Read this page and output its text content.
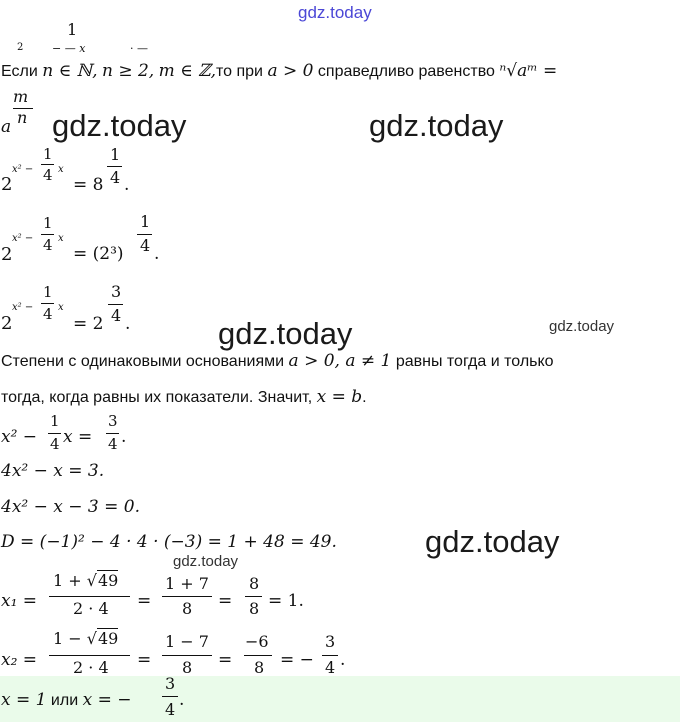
gdz.today
gdz.today	gdz.today
gdz.today	gdz.today
gdz.today
gdz.today
2
1
− — x	· —
Если n ∈ ℕ, n ≥ 2, m ∈ ℤ,то при a > 0 справедливо равенство ⁿ√aᵐ =
m
n
a
2
x² −
1
4 x
= 8
1
4 .
2
x² −
1
4 x
= (2³)
1
4 .
2
x² −
1
4 x
= 2
3
4 .
Степени с одинаковыми основаниями a > 0, a ≠ 1 равны тогда и только
тогда, когда равны их показатели. Значит, x = b.
x² −
1
4 x =
3
4 .
4x² − x = 3.
4x² − x − 3 = 0.
D = (−1)² − 4 · 4 · (−3) = 1 + 48 = 49.
x₁ =
1 + √49
2 · 4 =
1 + 7
8 =
8
8 = 1.
x₂ =
1 − √49
2 · 4 =
1 − 7
8 =
−6
8 = −
3
4 .
x = 1 или x = −
3
4 .
